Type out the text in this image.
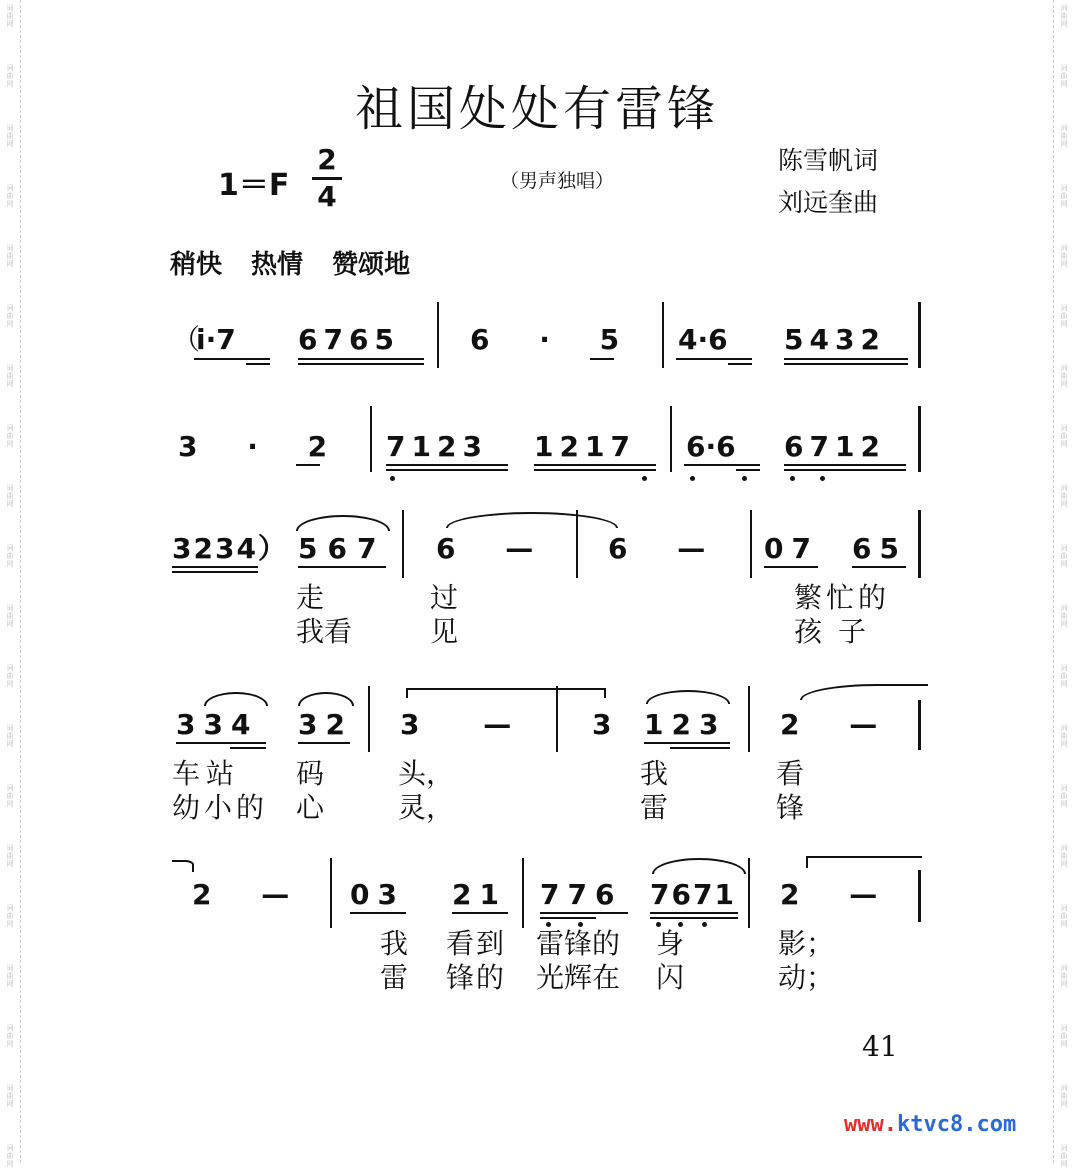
祖国处处有雷锋
1＝F
2
4	（男声独唱）
陈雪帆词
刘远奎曲
稍快 热情 赞颂地
（
i̇·7 6765	6 · 5 4·6 5432
3 · 2 7123 1217 6·6 6712
3234） 567 6 —	6 — 07 65
走	过	繁忙的
我看	见	孩子
334 32 3 —	3 123 2 —
车站 码	头，	我	看
幼小的 心	灵，	雷	锋
2 — 03 21 776 7671 2 —
我 看到 雷锋的 身	影；
雷 锋的 光辉在 闪	动；
41
www.ktvc8.com
词
曲
网
词
曲
网
词
曲
网
词
曲
网
词
曲
网
词
曲
网
词
曲
网
词
曲
网
词
曲
网
词
曲
网
词
曲
网
词
曲
网
词
曲
网
词
曲
网
词
曲
网
词
曲
网
词
曲
网
词
曲
网
词
曲
网
词
曲
网
词
曲
网
词
曲
网
词
曲
网
词
曲
网
词
曲
网
词
曲
网
词
曲
网
词
曲
网
词
曲
网
词
曲
网
词
曲
网
词
曲
网
词
曲
网
词
曲
网
词
曲
网
词
曲
网
词
曲
网
词
曲
网
词
曲
网
词
曲
网
